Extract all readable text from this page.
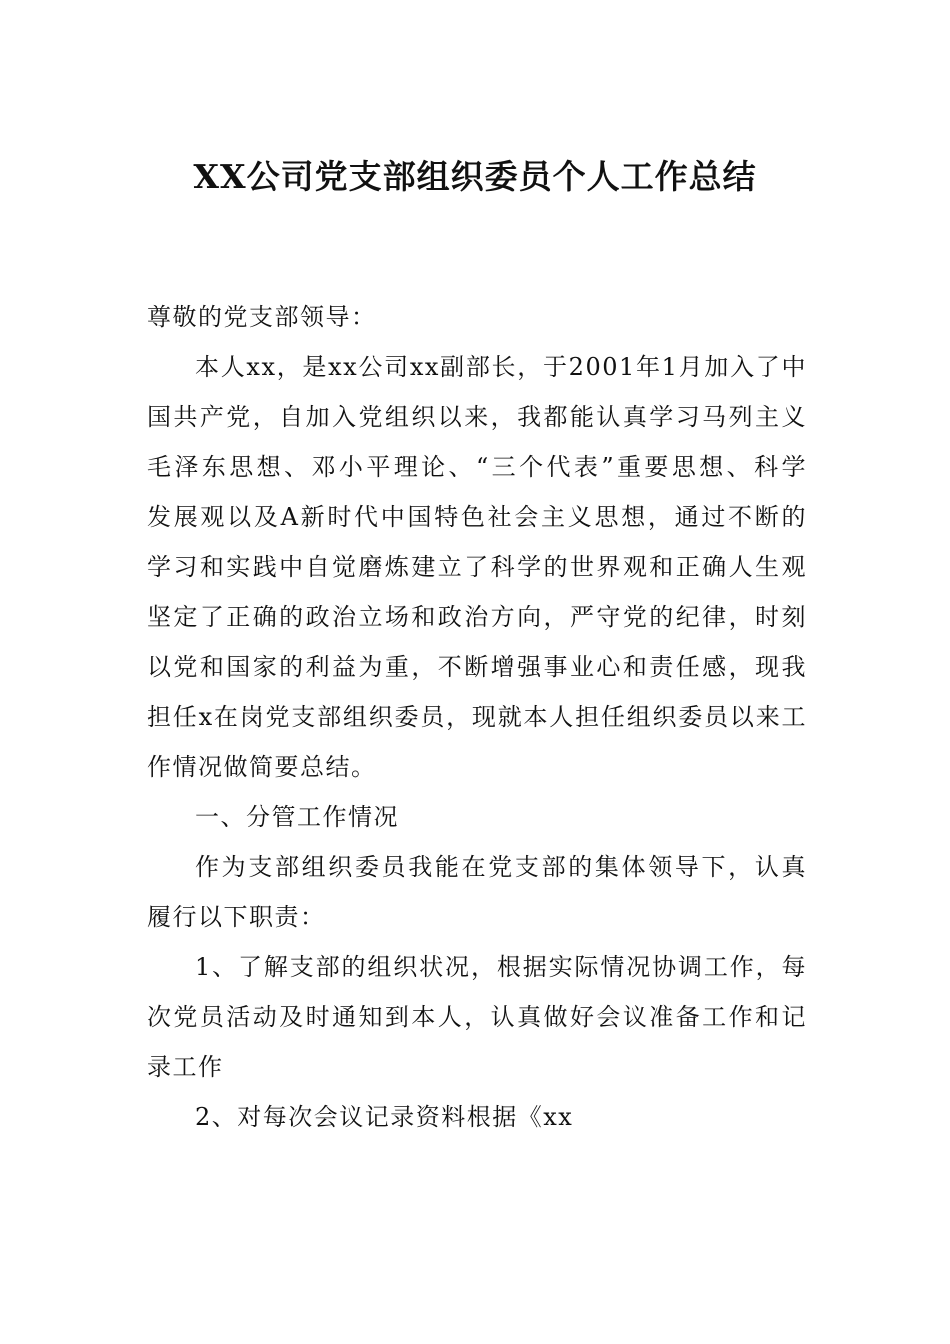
XX公司党支部组织委员个人工作总结
尊敬的党支部领导：
本人xx，是xx公司xx副部长，于2001年1月加入了中
国共产党，自加入党组织以来，我都能认真学习马列主义
毛泽东思想、邓小平理论、“三个代表”重要思想、科学
发展观以及A新时代中国特色社会主义思想，通过不断的
学习和实践中自觉磨炼建立了科学的世界观和正确人生观
坚定了正确的政治立场和政治方向，严守党的纪律，时刻
以党和国家的利益为重，不断增强事业心和责任感，现我
担任x在岗党支部组织委员，现就本人担任组织委员以来工
作情况做简要总结。
一、分管工作情况
作为支部组织委员我能在党支部的集体领导下，认真
履行以下职责：
1、了解支部的组织状况，根据实际情况协调工作，每
次党员活动及时通知到本人，认真做好会议准备工作和记
录工作
2、对每次会议记录资料根据《xx
